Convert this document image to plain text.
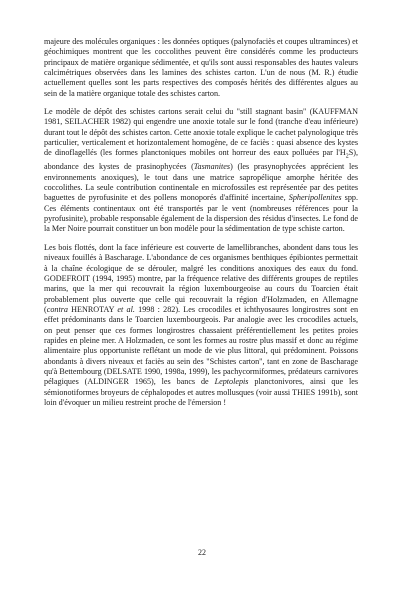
majeure des molécules organiques : les données optiques (palynofaciès et coupes ultraminces) et géochimiques montrent que les coccolithes peuvent être considérés comme les producteurs principaux de matière organique sédimentée, et qu'ils sont aussi responsables des hautes valeurs calcimétriques observées dans les lamines des schistes carton. L'un de nous (M. R.) étudie actuellement quelles sont les parts respectives des composés hérités des différentes algues au sein de la matière organique totale des schistes carton.

Le modèle de dépôt des schistes cartons serait celui du "still stagnant basin" (KAUFFMAN 1981, SEILACHER 1982) qui engendre une anoxie totale sur le fond (tranche d'eau inférieure) durant tout le dépôt des schistes carton. Cette anoxie totale explique le cachet palynologique très particulier, verticalement et horizontalement homogène, de ce faciès : quasi absence des kystes de dinoflagellés (les formes planctoniques mobiles ont horreur des eaux polluées par $l'H_2S$), abondance des kystes de prasinophycées (Tasmanites) (les prasynophycées apprécient les environnements anoxiques), le tout dans une matrice sapropélique amorphe héritée des coccolithes. La seule contribution continentale en microfossiles est représentée par des petites baguettes de pyrofusinite et des pollens monoporés d'affinité incertaine, Spheripollenites spp. Ces éléments continentaux ont été transportés par le vent (nombreuses références pour la pyrofusinite), probable responsable également de la dispersion des résidus d'insectes. Le fond de la Mer Noire pourrait constituer un bon modèle pour la sédimentation de type schiste carton.

Les bois flottés, dont la face inférieure est couverte de lamellibranches, abondent dans tous les niveaux fouillés à Bascharage. L'abondance de ces organismes benthiques épibiontes permettait à la chaîne écologique de se dérouler, malgré les conditions anoxiques des eaux du fond. GODEFROIT (1994, 1995) montre, par la fréquence relative des différents groupes de reptiles marins, que la mer qui recouvrait la région luxembourgeoise au cours du Toarcien était probablement plus ouverte que celle qui recouvrait la région d'Holzmaden, en Allemagne (contra HENROTAY et al. 1998 : 282). Les crocodiles et ichthyosaures longirostres sont en effet prédominants dans le Toarcien luxembourgeois. Par analogie avec les crocodiles actuels, on peut penser que ces formes longirostres chassaient préférentiellement les petites proies rapides en pleine mer. A Holzmaden, ce sont les formes au rostre plus massif et donc au régime alimentaire plus opportuniste reflétant un mode de vie plus littoral, qui prédominent. Poissons abondants à divers niveaux et faciès au sein des "Schistes carton", tant en zone de Bascharage qu'à Bettembourg (DELSATE 1990, 1998a, 1999), les pachycormiformes, prédateurs carnivores pélagiques (ALDINGER 1965), les bancs de Leptolepis planctonivores, ainsi que les sémionotiformes broyeurs de céphalopodes et autres mollusques (voir aussi THIES 1991b), sont loin d'évoquer un milieu restreint proche de l'émersion !

22
